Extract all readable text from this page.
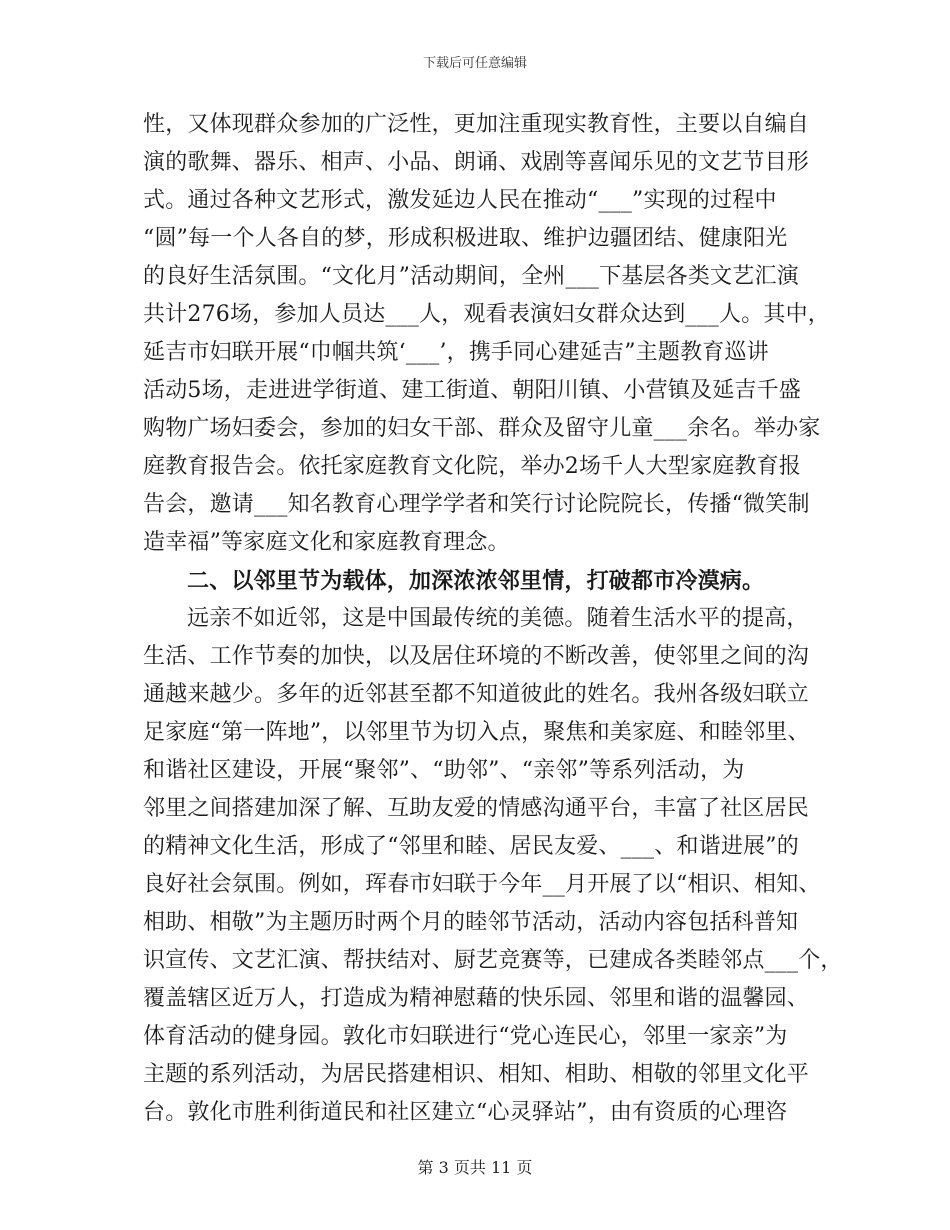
下载后可任意编辑
性，又体现群众参加的广泛性，更加注重现实教育性，主要以自编自
演的歌舞、器乐、相声、小品、朗诵、戏剧等喜闻乐见的文艺节目形
式。通过各种文艺形式，激发延边人民在推动“___”实现的过程中
“圆”每一个人各自的梦，形成积极进取、维护边疆团结、健康阳光
的良好生活氛围。“文化月”活动期间，全州___下基层各类文艺汇演
共计276场，参加人员达___人，观看表演妇女群众达到___人。其中，
延吉市妇联开展“巾帼共筑‘___’，携手同心建延吉”主题教育巡讲
活动5场，走进进学街道、建工街道、朝阳川镇、小营镇及延吉千盛
购物广场妇委会，参加的妇女干部、群众及留守儿童___余名。举办家
庭教育报告会。依托家庭教育文化院，举办2场千人大型家庭教育报
告会，邀请___知名教育心理学学者和笑行讨论院院长，传播“微笑制
造幸福”等家庭文化和家庭教育理念。
二、以邻里节为载体，加深浓浓邻里情，打破都市冷漠病。
远亲不如近邻，这是中国最传统的美德。随着生活水平的提高，
生活、工作节奏的加快，以及居住环境的不断改善，使邻里之间的沟
通越来越少。多年的近邻甚至都不知道彼此的姓名。我州各级妇联立
足家庭“第一阵地”，以邻里节为切入点，聚焦和美家庭、和睦邻里、
和谐社区建设，开展“聚邻”、“助邻”、“亲邻”等系列活动，为
邻里之间搭建加深了解、互助友爱的情感沟通平台，丰富了社区居民
的精神文化生活，形成了“邻里和睦、居民友爱、___、和谐进展”的
良好社会氛围。例如，珲春市妇联于今年__月开展了以“相识、相知、
相助、相敬”为主题历时两个月的睦邻节活动，活动内容包括科普知
识宣传、文艺汇演、帮扶结对、厨艺竞赛等，已建成各类睦邻点___个，
覆盖辖区近万人，打造成为精神慰藉的快乐园、邻里和谐的温馨园、
体育活动的健身园。敦化市妇联进行“党心连民心，邻里一家亲”为
主题的系列活动，为居民搭建相识、相知、相助、相敬的邻里文化平
台。敦化市胜利街道民和社区建立“心灵驿站”，由有资质的心理咨
第 3 页共 11 页
